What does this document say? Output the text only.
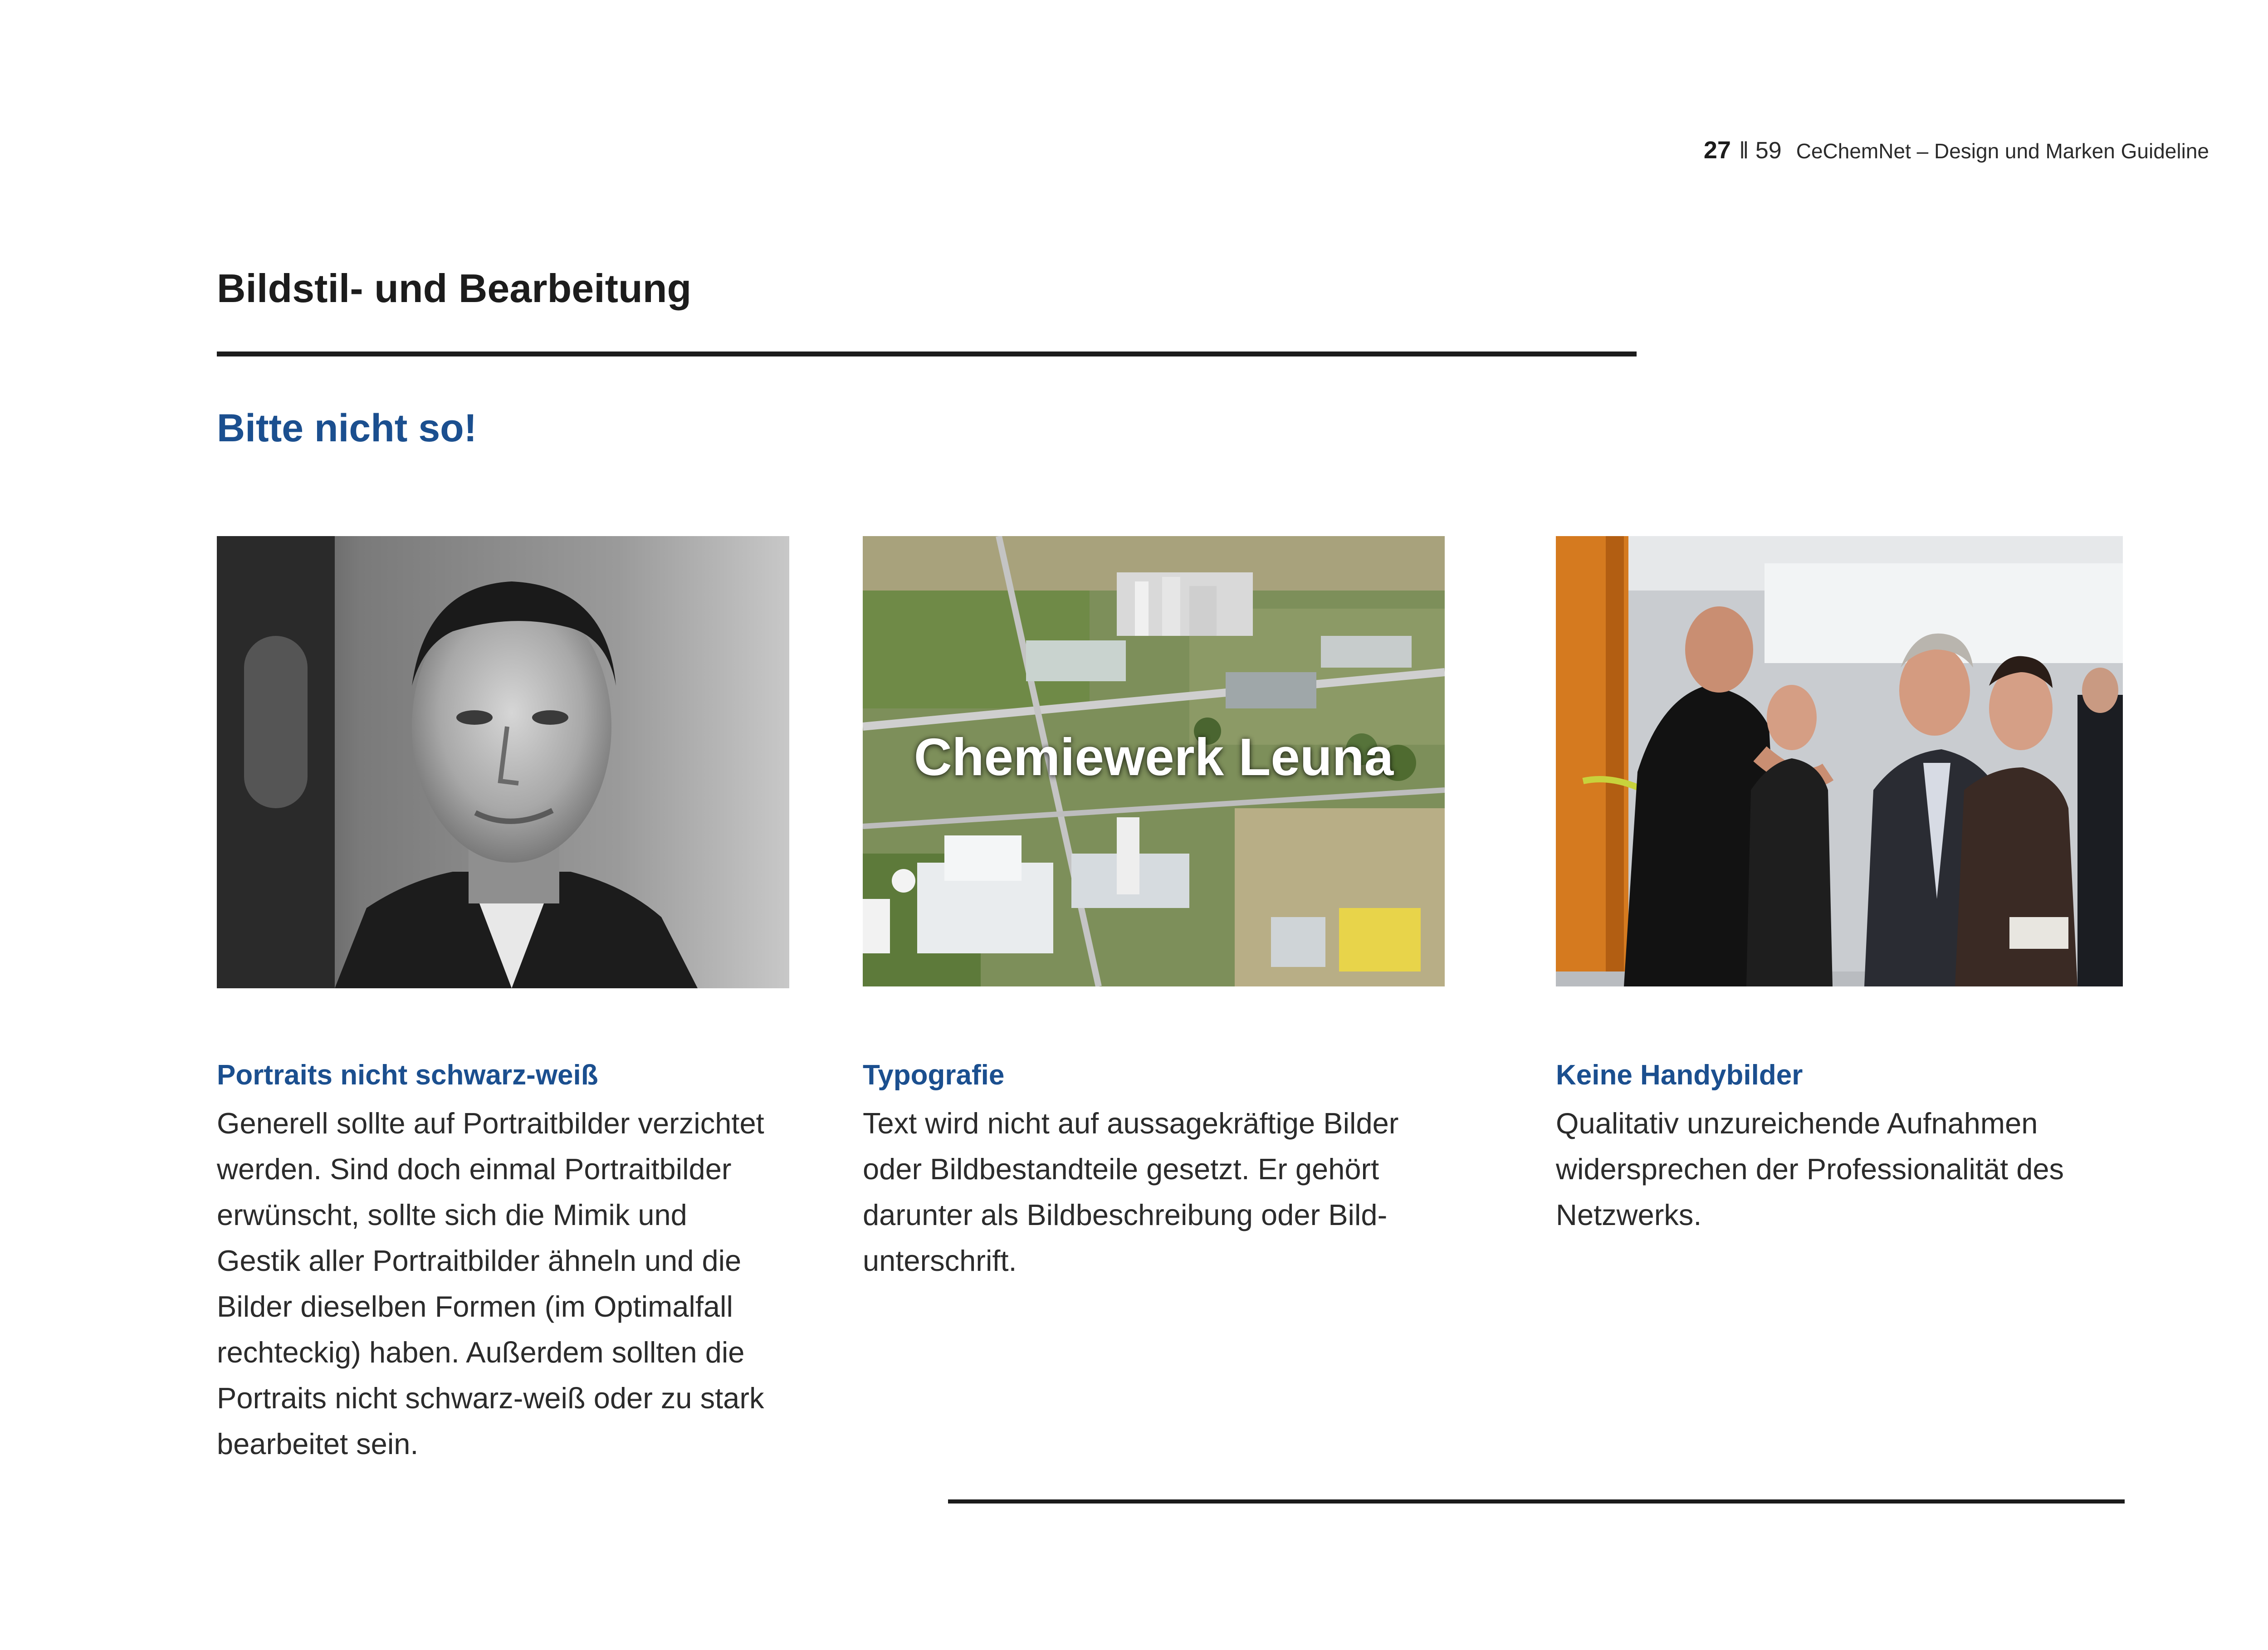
27 ‖ 59 CeChemNet – Design und Marken Guideline
Bildstil- und Bearbeitung
Bitte nicht so!
Chemiewerk Leuna
Portraits nicht schwarz-weiß

Generell sollte auf Portraitbilder verzichtet
werden. Sind doch einmal Portraitbilder
erwünscht, sollte sich die Mimik und
Gestik aller Portraitbilder ähneln und die
Bilder dieselben Formen (im Optimalfall
rechteckig) haben. Außerdem sollten die
Portraits nicht schwarz-weiß oder zu stark
bearbeitet sein.

Typografie

Text wird nicht auf aussagekräftige Bilder
oder Bildbestandteile gesetzt. Er gehört
darunter als Bildbeschreibung oder Bild-
unterschrift.

Keine Handybilder

Qualitativ unzureichende Aufnahmen
widersprechen der Professionalität des
Netzwerks.
